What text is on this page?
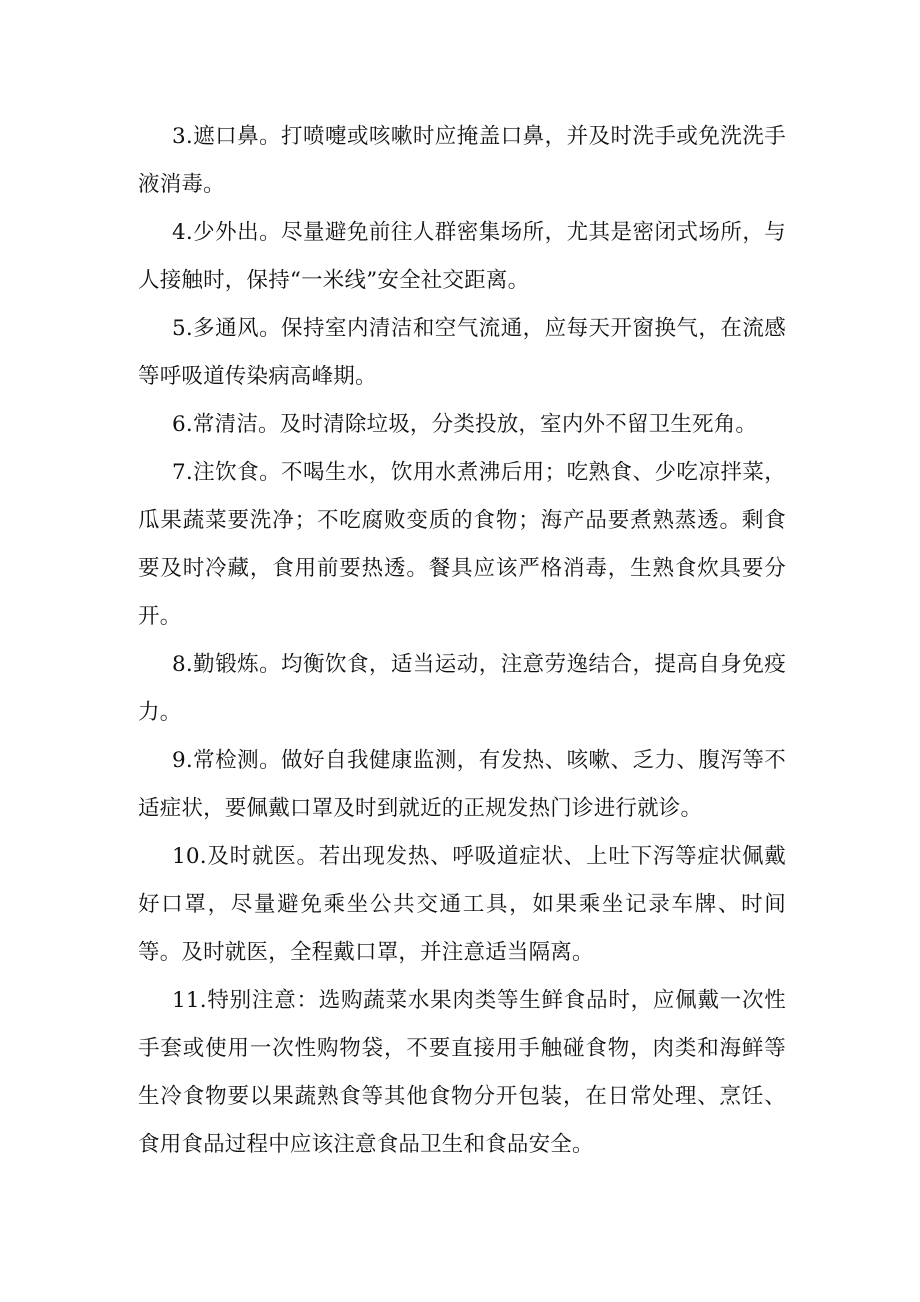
3.遮口鼻。打喷嚏或咳嗽时应掩盖口鼻，并及时洗手或免洗洗手液消毒。

4.少外出。尽量避免前往人群密集场所，尤其是密闭式场所，与人接触时，保持“一米线”安全社交距离。

5.多通风。保持室内清洁和空气流通，应每天开窗换气，在流感等呼吸道传染病高峰期。

6.常清洁。及时清除垃圾，分类投放，室内外不留卫生死角。

7.注饮食。不喝生水，饮用水煮沸后用；吃熟食、少吃凉拌菜，瓜果蔬菜要洗净；不吃腐败变质的食物；海产品要煮熟蒸透。剩食要及时冷藏，食用前要热透。餐具应该严格消毒，生熟食炊具要分开。

8.勤锻炼。均衡饮食，适当运动，注意劳逸结合，提高自身免疫力。

9.常检测。做好自我健康监测，有发热、咳嗽、乏力、腹泻等不适症状，要佩戴口罩及时到就近的正规发热门诊进行就诊。

10.及时就医。若出现发热、呼吸道症状、上吐下泻等症状佩戴好口罩，尽量避免乘坐公共交通工具，如果乘坐记录车牌、时间等。及时就医，全程戴口罩，并注意适当隔离。

11.特别注意：选购蔬菜水果肉类等生鲜食品时，应佩戴一次性手套或使用一次性购物袋，不要直接用手触碰食物，肉类和海鲜等生冷食物要以果蔬熟食等其他食物分开包装，在日常处理、烹饪、食用食品过程中应该注意食品卫生和食品安全。
